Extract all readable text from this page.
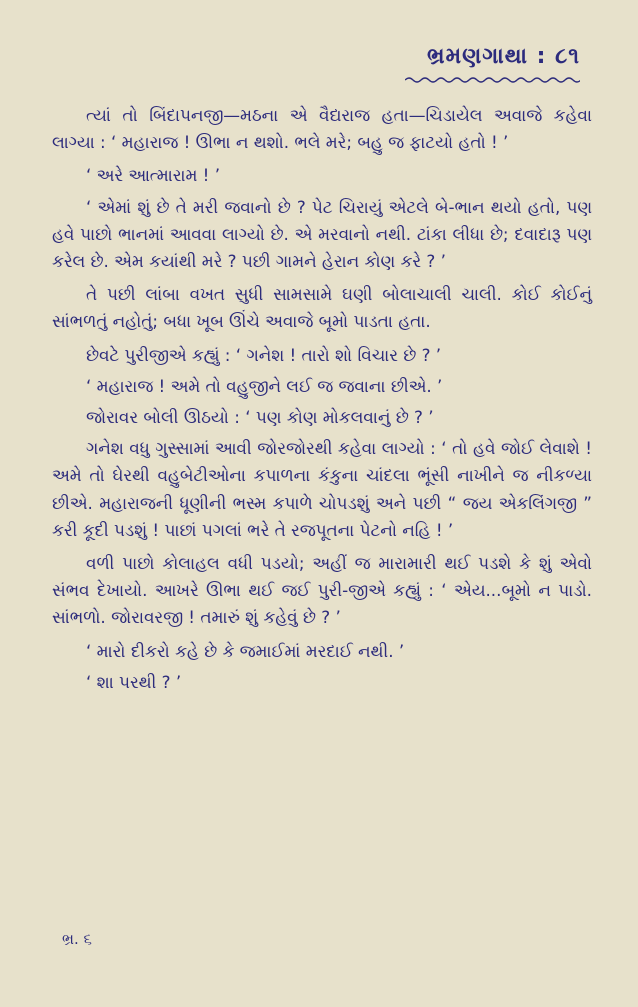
ભ્રમણગાથા : ૮૧

ત્યાં તો બિંદાપનજી—મઠના એ વૈદ્યરાજ હતા—ચિડાયેલ અવાજે કહેવા લાગ્યા : ‘ મહારાજ ! ઊભા ન થશો. ભલે મરે; બહુ જ ફાટયો હતો ! ’

‘ અરે આત્મારામ ! ’

‘ એમાં શું છે તે મરી જવાનો છે ? પેટ ચિરાયું એટલે બે-ભાન થયો હતો, પણ હવે પાછો ભાનમાં આવવા લાગ્યો છે. એ મરવાનો નથી. ટાંકા લીધા છે; દવાદારૂ પણ કરેલ છે. એમ કયાંથી મરે ? પછી ગામને હેરાન કોણ કરે ? ’

તે પછી લાંબા વખત સુધી સામસામે ઘણી બોલાચાલી ચાલી. કોઈ કોઈનું સાંભળતું નહોતું; બધા ખૂબ ઊંચે અવાજે બૂમો પાડતા હતા.

છેવટે પુરીજીએ કહ્યું : ‘ ગનેશ ! તારો શો વિચાર છે ? ’

‘ મહારાજ ! અમે તો વહુજીને લઈ જ જવાના છીએ. ’

જોરાવર બોલી ઊઠયો : ‘ પણ કોણ મોકલવાનું છે ? ’

ગનેશ વધુ ગુસ્સામાં આવી જોરજોરથી કહેવા લાગ્યો : ‘ તો હવે જોઈ લેવાશે ! અમે તો ઘેરથી વહુબેટીઓના કપાળના કંકુના ચાંદલા ભૂંસી નાખીને જ નીકળ્યા છીએ. મહારાજની ધૂણીની ભસ્મ કપાળે ચોપડશું અને પછી “ જય એકલિંગજી ” કરી કૂદી પડશું ! પાછાં પગલાં ભરે તે રજપૂતના પેટનો નહિ ! ’

વળી પાછો કોલાહલ વધી પડયો; અહીં જ મારામારી થઈ પડશે કે શું એવો સંભવ દેખાયો. આખરે ઊભા થઈ જઈ પુરી-જીએ કહ્યું : ‘ એય...બૂમો ન પાડો. સાંભળો. જોરાવરજી ! તમારું શું કહેવું છે ? ’

‘ મારો દીકરો કહે છે કે જમાઈમાં મરદાઈ નથી. ’

‘ શા પરથી ? ’

ભ્ર. ૬
